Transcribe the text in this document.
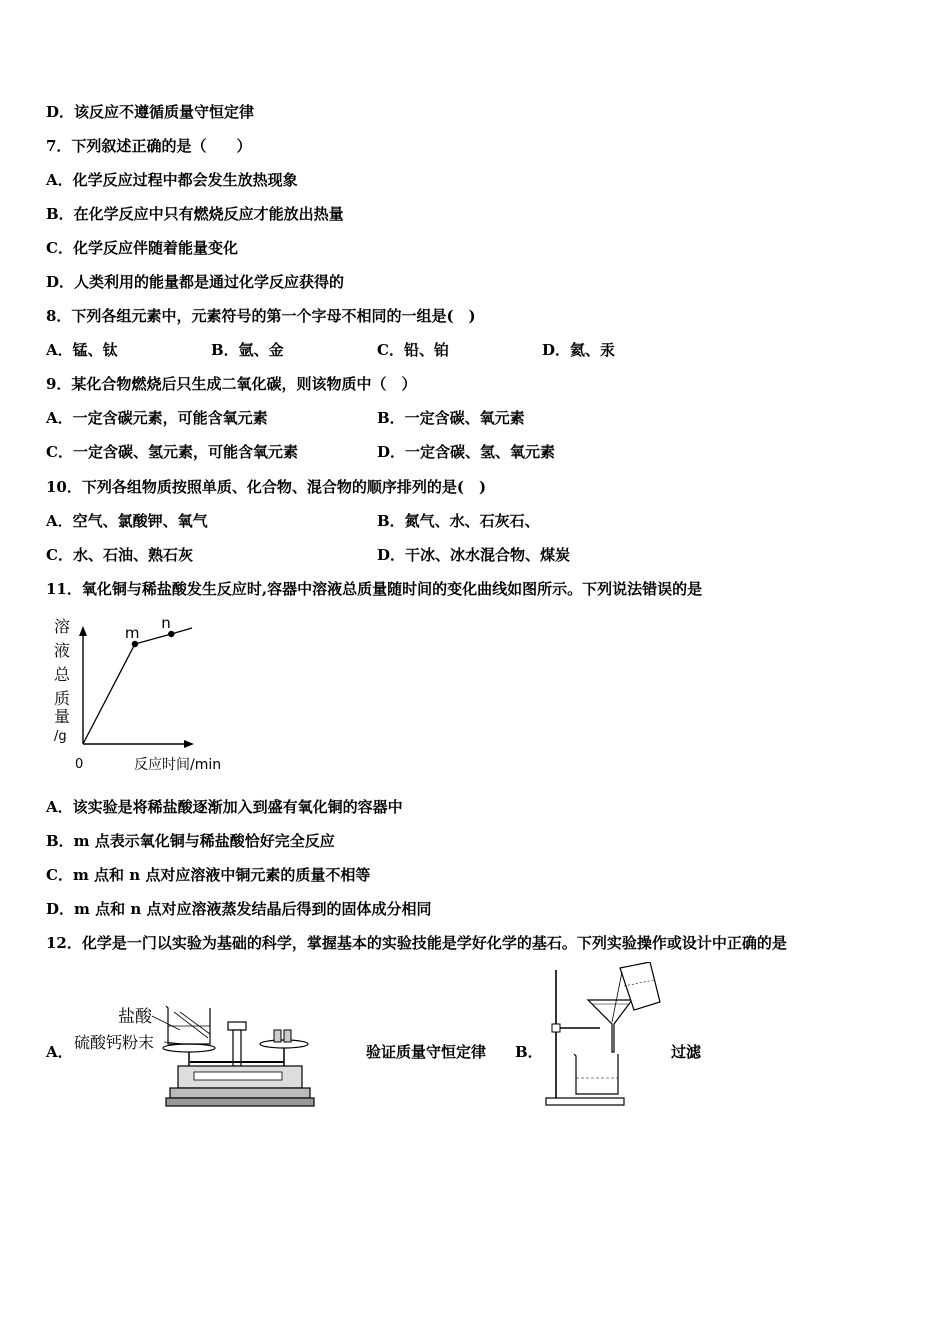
D．该反应不遵循质量守恒定律
7．下列叙述正确的是（　　）
A．化学反应过程中都会发生放热现象
B．在化学反应中只有燃烧反应才能放出热量
C．化学反应伴随着能量变化
D．人类利用的能量都是通过化学反应获得的
8．下列各组元素中，元素符号的第一个字母不相同的一组是(　)
A．锰、钛	B．氩、金	C．铅、铂	D．氦、汞
9．某化合物燃烧后只生成二氧化碳，则该物质中（　）
A．一定含碳元素，可能含氧元素	B．一定含碳、氧元素
C．一定含碳、氢元素，可能含氧元素	D．一定含碳、氢、氧元素
10．下列各组物质按照单质、化合物、混合物的顺序排列的是(　)
A．空气、氯酸钾、氧气	B．氮气、水、石灰石、
C．水、石油、熟石灰	D．干冰、冰水混合物、煤炭
11．氧化铜与稀盐酸发生反应时,容器中溶液总质量随时间的变化曲线如图所示。下列说法错误的是
溶
液
总
质
量
/g
0	反应时间/min
m
n
A．该实验是将稀盐酸逐渐加入到盛有氧化铜的容器中
B．m 点表示氧化铜与稀盐酸恰好完全反应
C．m 点和 n 点对应溶液中铜元素的质量不相等
D．m 点和 n 点对应溶液蒸发结晶后得到的固体成分相同
12．化学是一门以实验为基础的科学，掌握基本的实验技能是学好化学的基石。下列实验操作或设计中正确的是
A．
盐酸
硫酸钙粉末	验证质量守恒定律 B．	过滤
